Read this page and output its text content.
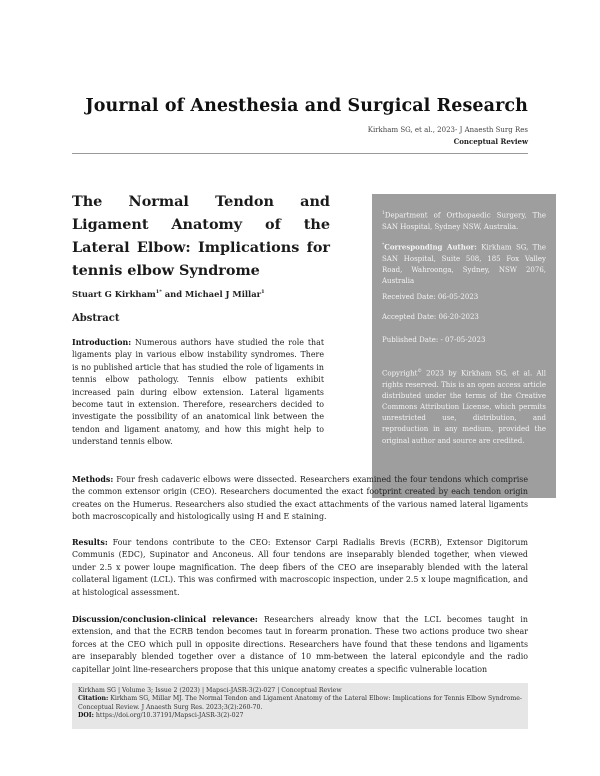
Journal of Anesthesia and Surgical Research
Kirkham SG, et al., 2023- J Anaesth Surg Res
Conceptual Review
The Normal Tendon and Ligament Anatomy of the Lateral Elbow: Implications for tennis elbow Syndrome
Stuart G Kirkham$^{1*}$ and Michael J Millar$^1$
Abstract
Introduction: Numerous authors have studied the role that ligaments play in various elbow instability syndromes. There is no published article that has studied the role of ligaments in tennis elbow pathology. Tennis elbow patients exhibit increased pain during elbow extension. Lateral ligaments become taut in extension. Therefore, researchers decided to investigate the possibility of an anatomical link between the tendon and ligament anatomy, and how this might help to understand tennis elbow.
$^1$Department of Orthopaedic Surgery, The SAN Hospital, Sydney NSW, Australia.
*Corresponding Author: Kirkham SG, The SAN Hospital, Suite 508, 185 Fox Valley Road, Wahroonga, Sydney, NSW 2076, Australia
Received Date: 06-05-2023
Accepted Date: 06-20-2023
Published Date: - 07-05-2023
Copyright© 2023 by Kirkham SG, et al. All rights reserved. This is an open access article distributed under the terms of the Creative Commons Attribution License, which permits unrestricted use, distribution, and reproduction in any medium, provided the original author and source are credited.
Methods: Four fresh cadaveric elbows were dissected. Researchers examined the four tendons which comprise the common extensor origin (CEO). Researchers documented the exact footprint created by each tendon origin creates on the Humerus. Researchers also studied the exact attachments of the various named lateral ligaments both macroscopically and histologically using H and E staining.
Results: Four tendons contribute to the CEO: Extensor Carpi Radialis Brevis (ECRB), Extensor Digitorum Communis (EDC), Supinator and Anconeus. All four tendons are inseparably blended together, when viewed under 2.5 x power loupe magnification. The deep fibers of the CEO are inseparably blended with the lateral collateral ligament (LCL). This was confirmed with macroscopic inspection, under 2.5 x loupe magnification, and at histological assessment.
Discussion/conclusion-clinical relevance: Researchers already know that the LCL becomes taught in extension, and that the ECRB tendon becomes taut in forearm pronation. These two actions produce two shear forces at the CEO which pull in opposite directions. Researchers have found that these tendons and ligaments are inseparably blended together over a distance of 10 mm-between the lateral epicondyle and the radio capitellar joint line-researchers propose that this unique anatomy creates a specific vulnerable location
Kirkham SG | Volume 3; Issue 2 (2023) | Mapsci-JASR-3(2)-027 | Conceptual Review
Citation: Kirkham SG, Millar MJ. The Normal Tendon and Ligament Anatomy of the Lateral Elbow: Implications for Tennis Elbow Syndrome-Conceptual Review. J Anaesth Surg Res. 2023;3(2):260-70.
DOI: https://doi.org/10.37191/Mapsci-JASR-3(2)-027
